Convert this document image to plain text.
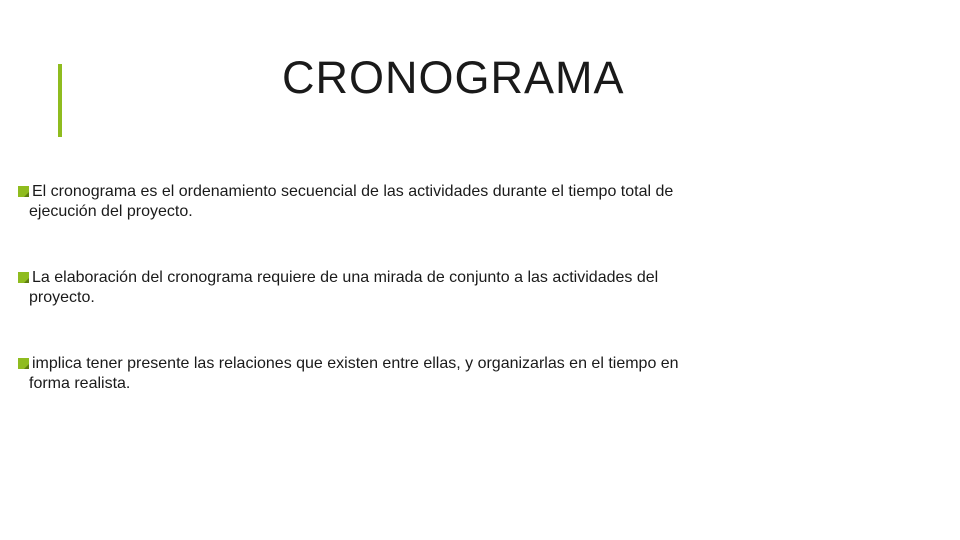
CRONOGRAMA
El cronograma es el ordenamiento secuencial de las actividades durante el tiempo total de ejecución del proyecto.
La elaboración del cronograma requiere de una mirada de conjunto a las actividades del proyecto.
implica tener presente las relaciones que existen entre ellas, y organizarlas en el tiempo en forma realista.
